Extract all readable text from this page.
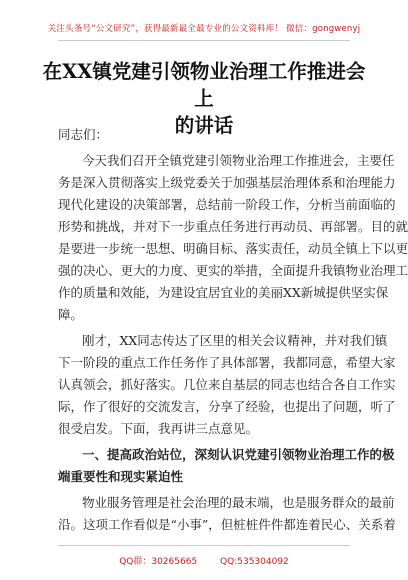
关注头条号“公文研究”，获得最新最全最专业的公文资料库！ 微信：gongwenyj
在XX镇党建引领物业治理工作推进会上
的讲话
同志们：
今天我们召开全镇党建引领物业治理工作推进会，主要任
务是深入贯彻落实上级党委关于加强基层治理体系和治理能力
现代化建设的决策部署，总结前一阶段工作，分析当前面临的
形势和挑战，并对下一步重点任务进行再动员、再部署。目的就
是要进一步统一思想、明确目标、落实责任，动员全镇上下以更
强的决心、更大的力度、更实的举措，全面提升我镇物业治理工
作的质量和效能，为建设宜居宜业的美丽XX新城提供坚实保
障。
刚才，XX同志传达了区里的相关会议精神，并对我们镇
下一阶段的重点工作任务作了具体部署，我都同意，希望大家
认真领会，抓好落实。几位来自基层的同志也结合各自工作实
际，作了很好的交流发言，分享了经验，也提出了问题，听了
很受启发。下面，我再讲三点意见。
一、提高政治站位，深刻认识党建引领物业治理工作的极
端重要性和现实紧迫性
物业服务管理是社会治理的最末端，也是服务群众的最前
沿。这项工作看似是“小事”，但桩桩件件都连着民心、关系着
QQ群：30265665	QQ:535304092
